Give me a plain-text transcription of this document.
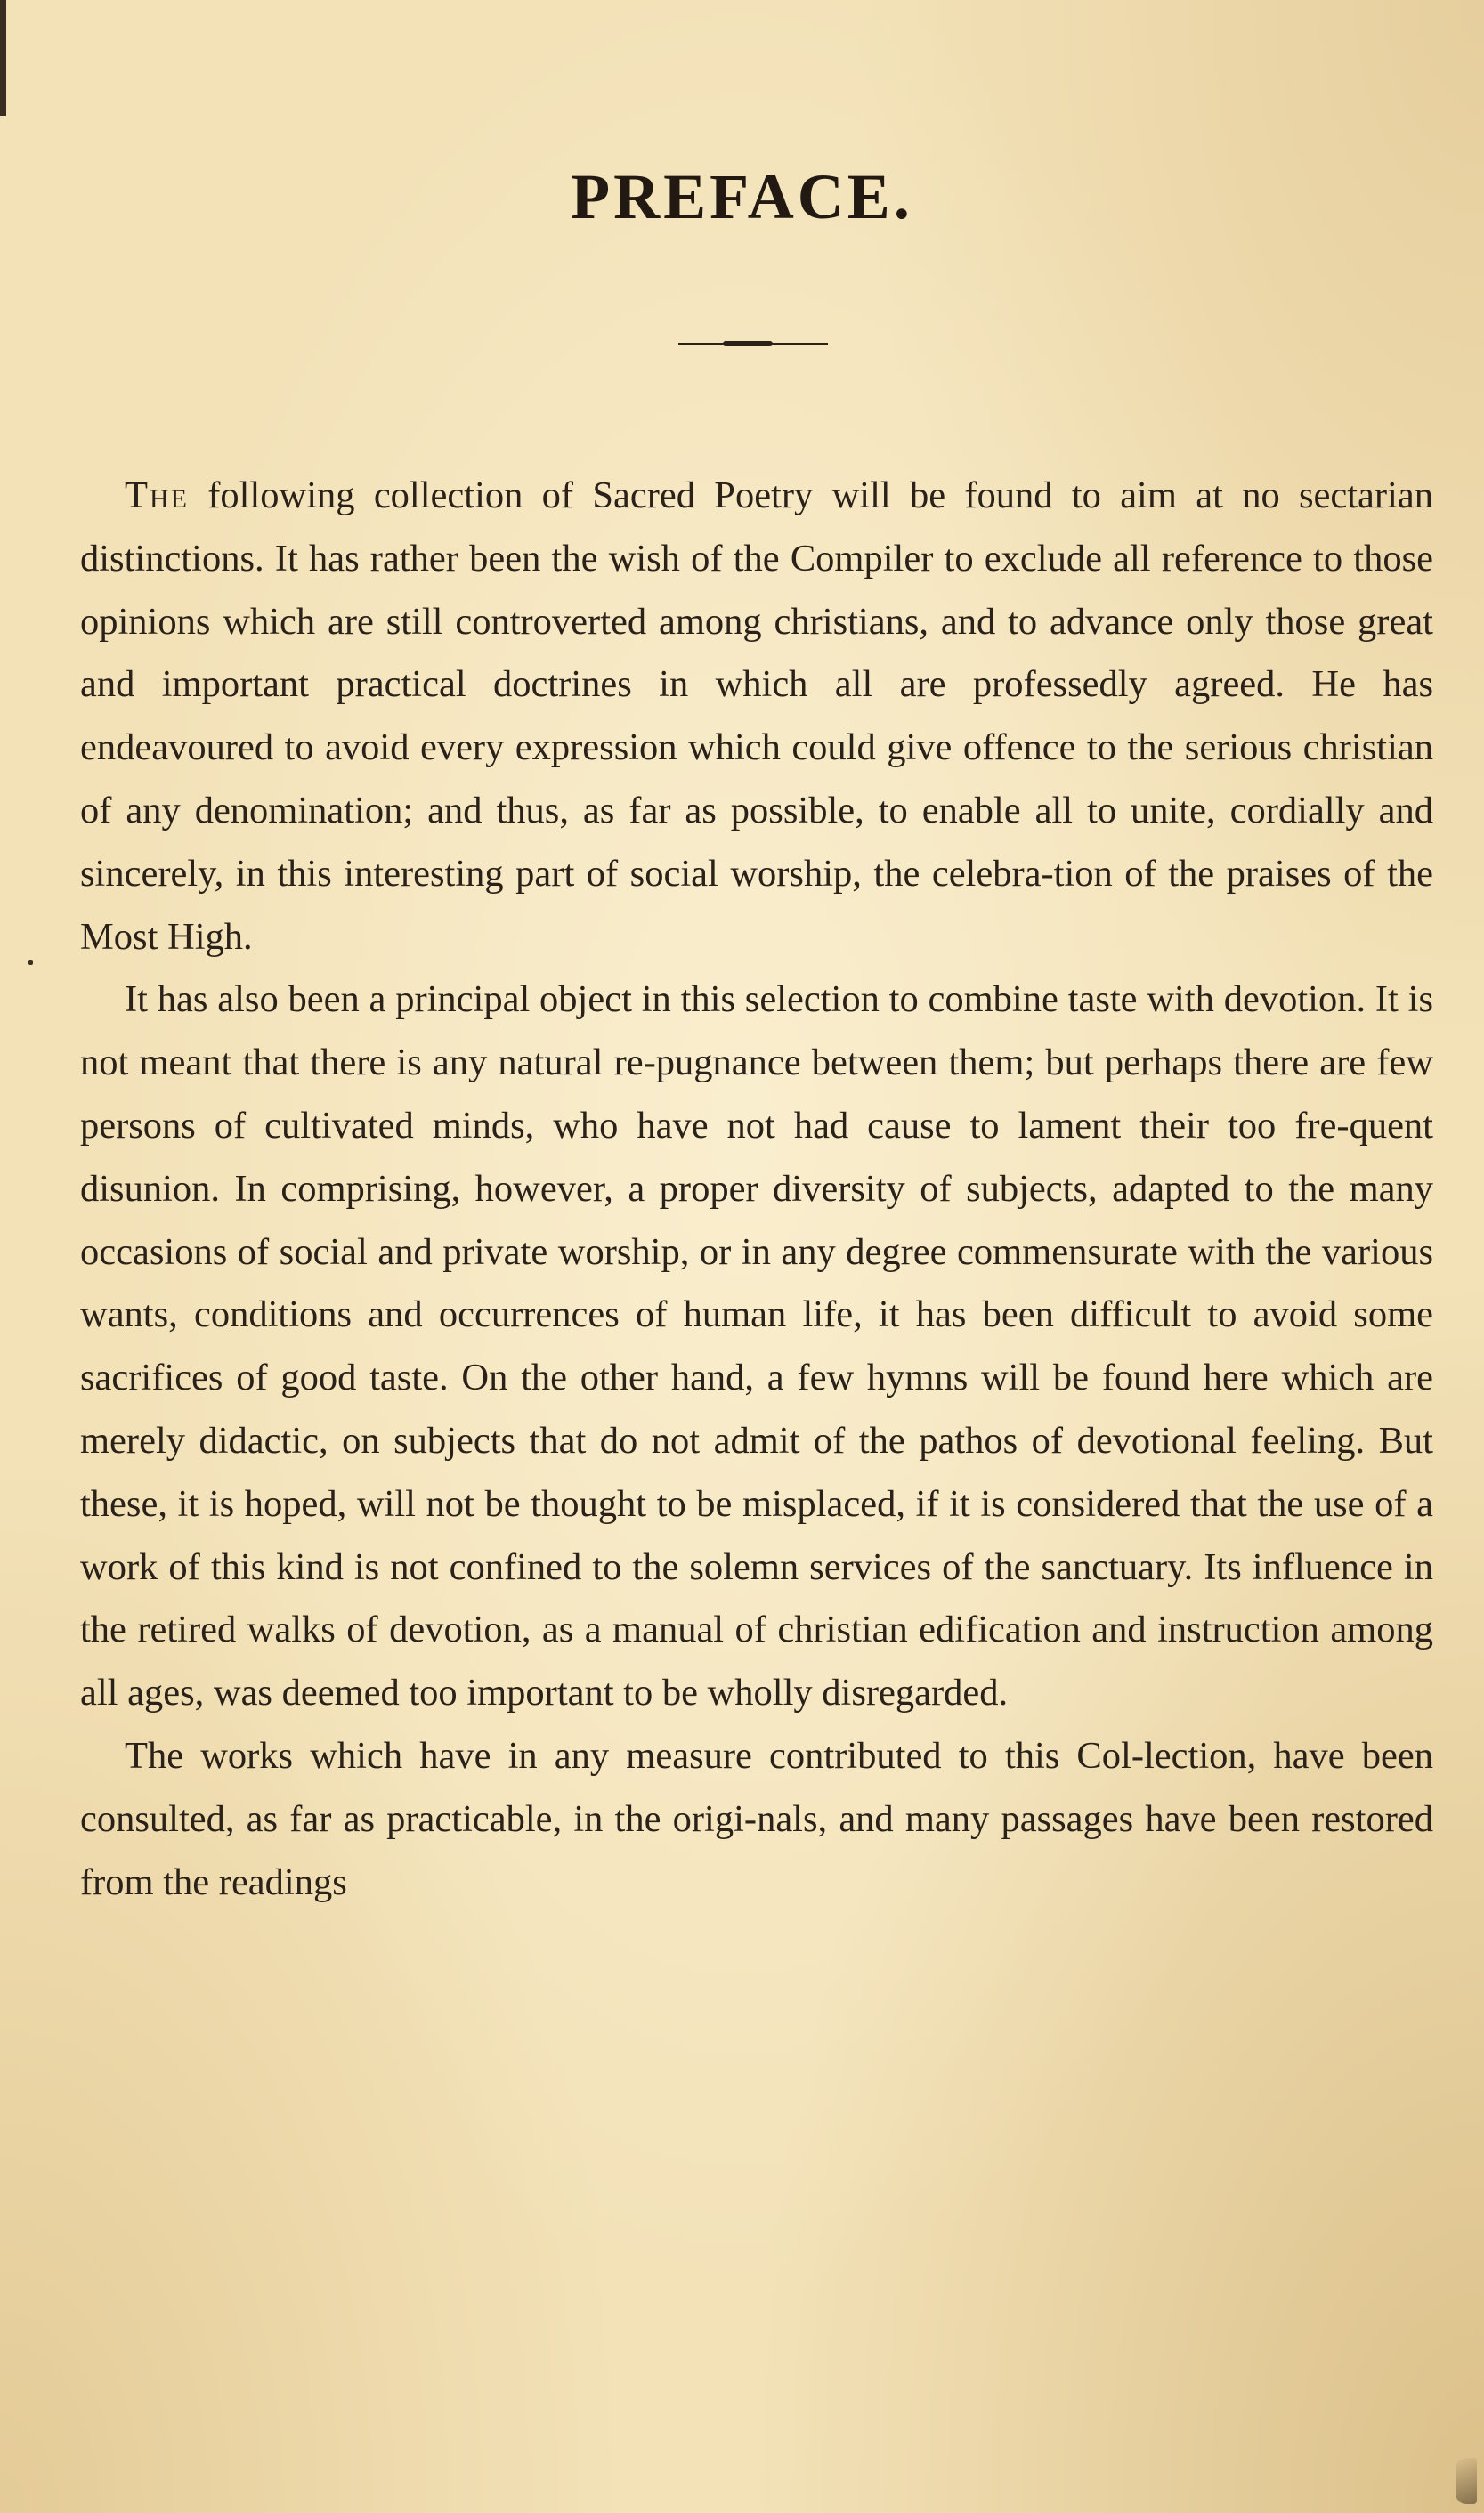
PREFACE.

The following collection of Sacred Poetry will be found to aim at no sectarian distinctions. It has rather been the wish of the Compiler to exclude all reference to those opinions which are still controverted among christians, and to advance only those great and important practical doctrines in which all are professedly agreed. He has endeavoured to avoid every expression which could give offence to the serious christian of any denomination; and thus, as far as possible, to enable all to unite, cordially and sincerely, in this interesting part of social worship, the celebra-tion of the praises of the Most High.

It has also been a principal object in this selection to combine taste with devotion. It is not meant that there is any natural re-pugnance between them; but perhaps there are few persons of cultivated minds, who have not had cause to lament their too fre-quent disunion. In comprising, however, a proper diversity of subjects, adapted to the many occasions of social and private worship, or in any degree commensurate with the various wants, conditions and occurrences of human life, it has been difficult to avoid some sacrifices of good taste. On the other hand, a few hymns will be found here which are merely didactic, on subjects that do not admit of the pathos of devotional feeling. But these, it is hoped, will not be thought to be misplaced, if it is considered that the use of a work of this kind is not confined to the solemn services of the sanctuary. Its influence in the retired walks of devotion, as a manual of christian edification and instruction among all ages, was deemed too important to be wholly disregarded.

The works which have in any measure contributed to this Col-lection, have been consulted, as far as practicable, in the origi-nals, and many passages have been restored from the readings
